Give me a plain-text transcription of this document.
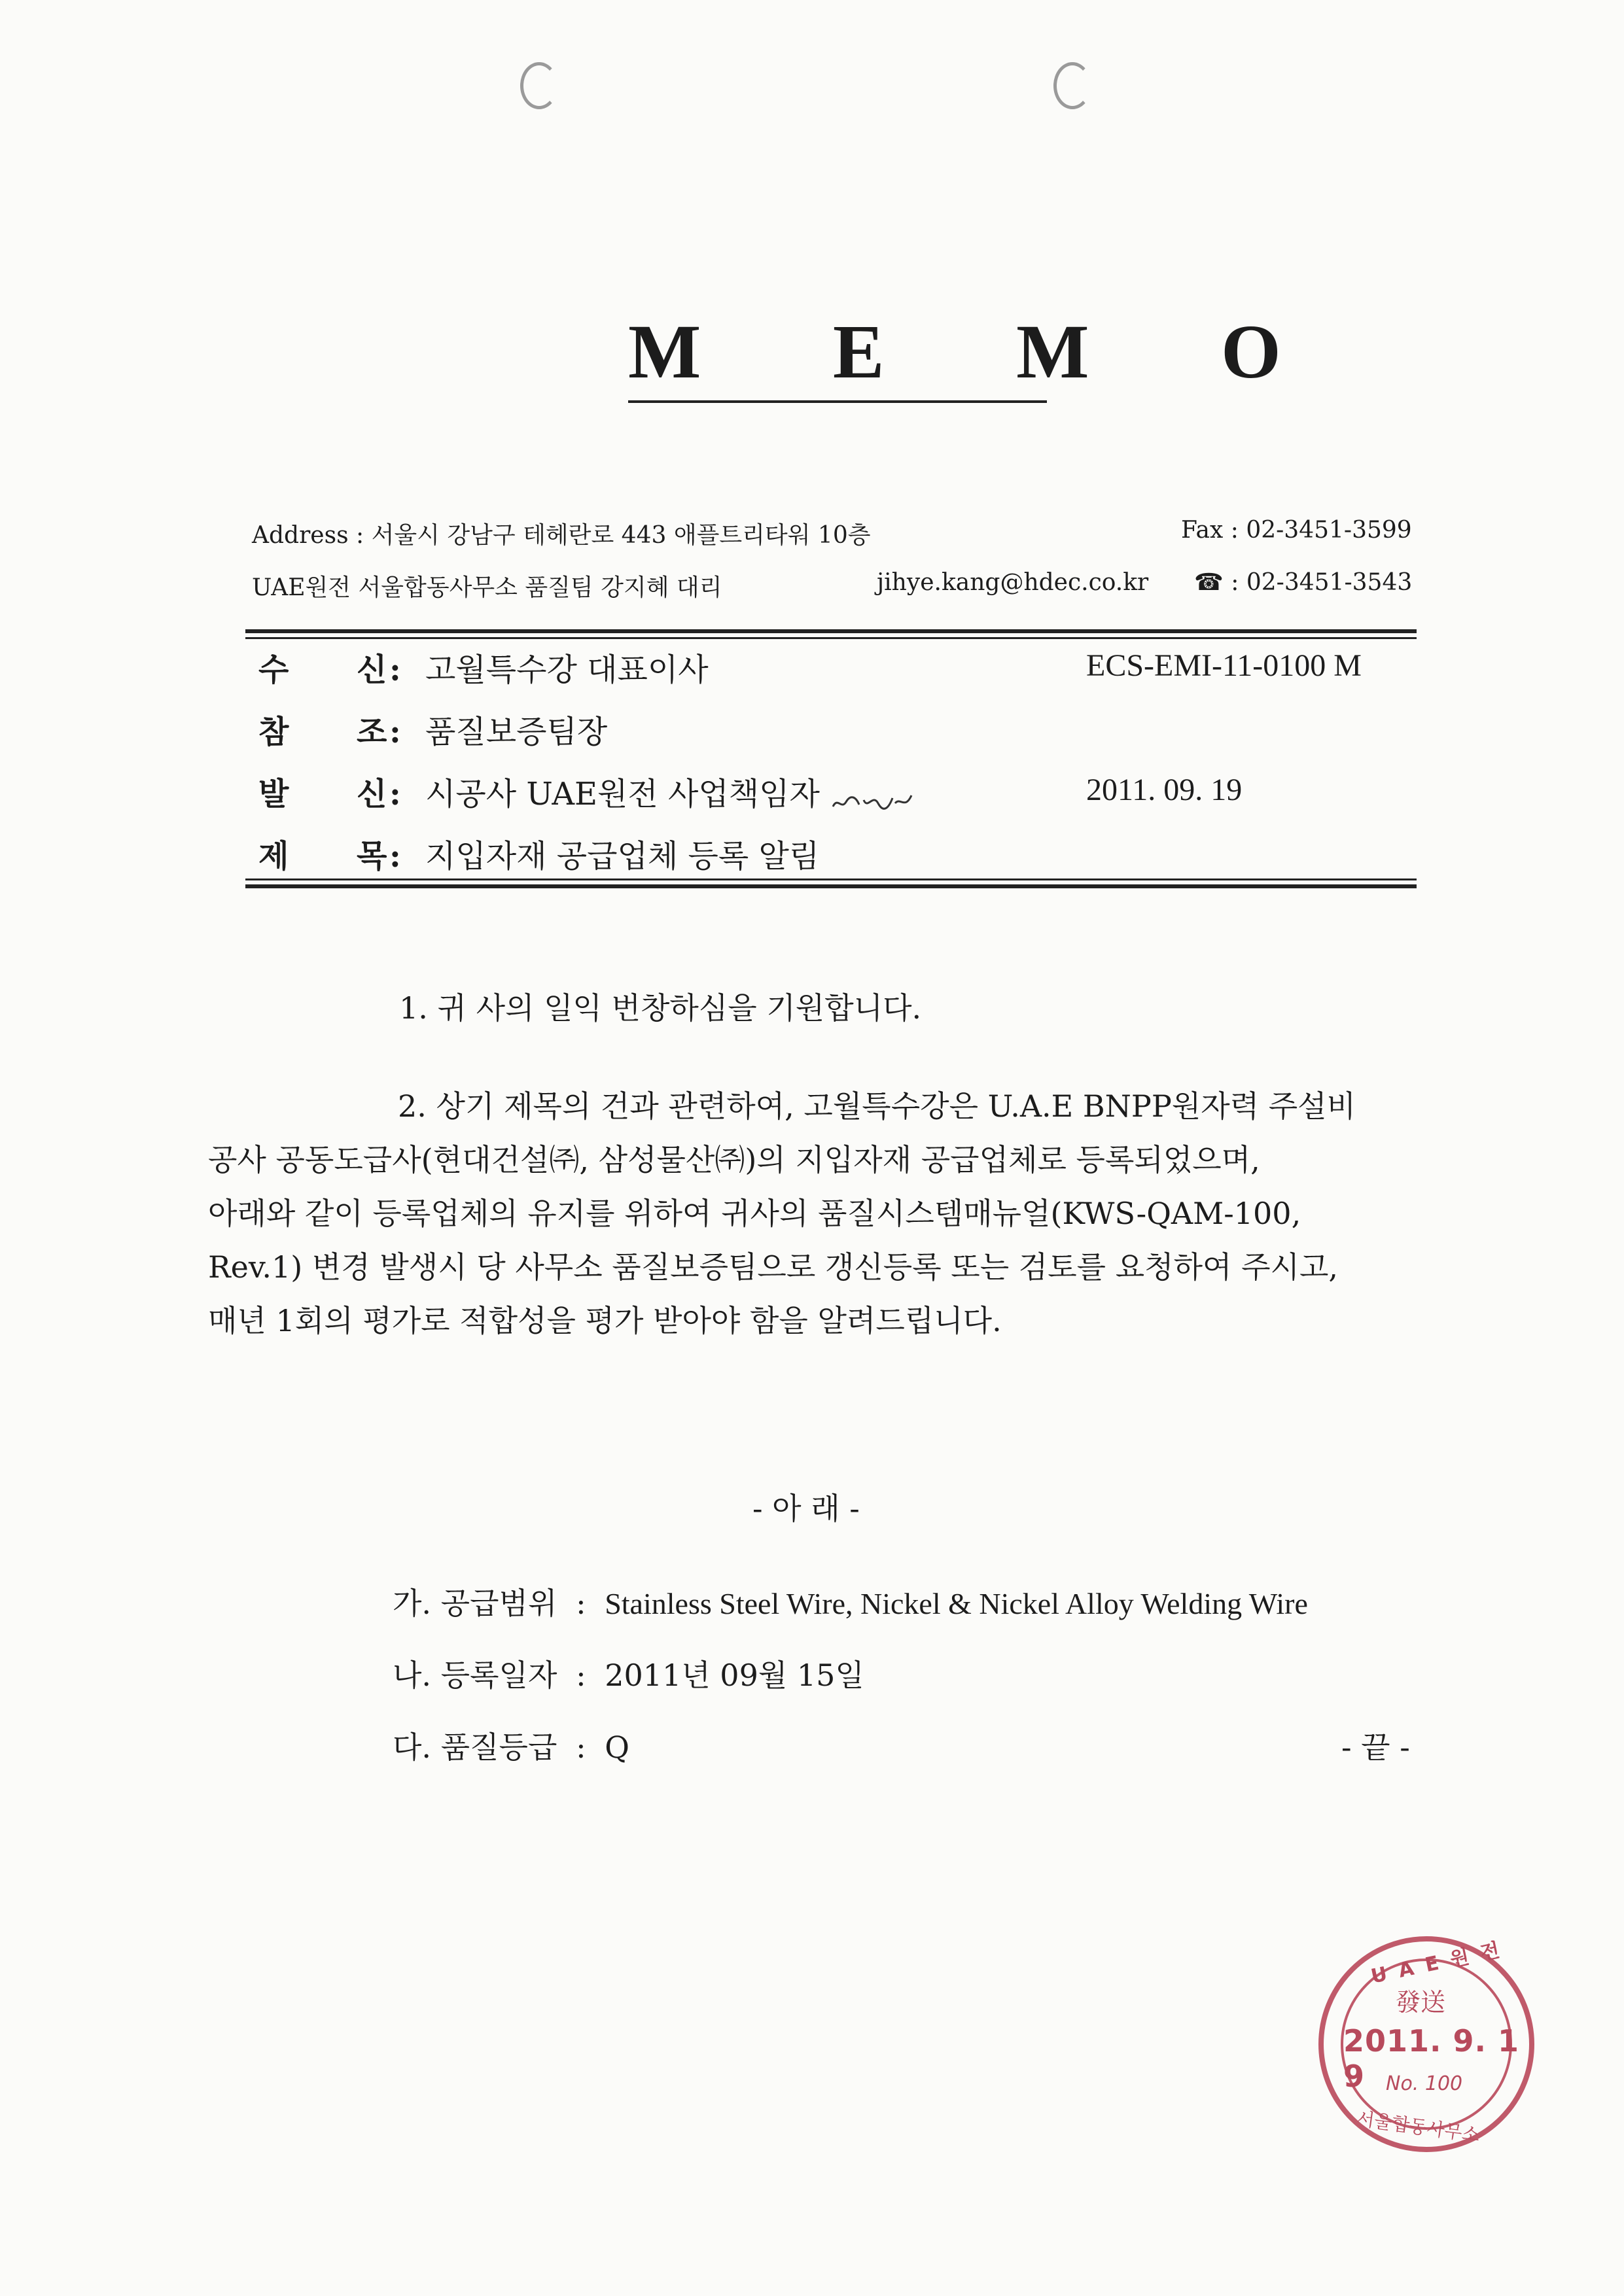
M E M O
Address : 서울시 강남구 테헤란로 443 애플트리타워 10층	Fax : 02-3451-3599
UAE원전 서울합동사무소 품질팀 강지혜 대리	jihye.kang@hdec.co.kr ☎ : 02-3451-3543
수 신: 고월특수강 대표이사	ECS-EMI-11-0100 M
참 조: 품질보증팀장
발 신: 시공사 UAE원전 사업책임자	2011. 09. 19
제 목: 지입자재 공급업체 등록 알림
1. 귀 사의 일익 번창하심을 기원합니다.
2. 상기 제목의 건과 관련하여, 고월특수강은 U.A.E BNPP원자력 주설비
공사 공동도급사(현대건설㈜, 삼성물산㈜)의 지입자재 공급업체로 등록되었으며,
아래와 같이 등록업체의 유지를 위하여 귀사의 품질시스템매뉴얼(KWS-QAM-100,
Rev.1) 변경 발생시 당 사무소 품질보증팀으로 갱신등록 또는 검토를 요청하여 주시고,
매년 1회의 평가로 적합성을 평가 받아야 함을 알려드립니다.
- 아 래 -
가. 공급범위 : Stainless Steel Wire, Nickel & Nickel Alloy Welding Wire
나. 등록일자 : 2011년 09월 15일
다. 품질등급 : Q	- 끝 -
U A E 원 전
發送
2011. 9. 1 9	No. 100
서울합동사무소
